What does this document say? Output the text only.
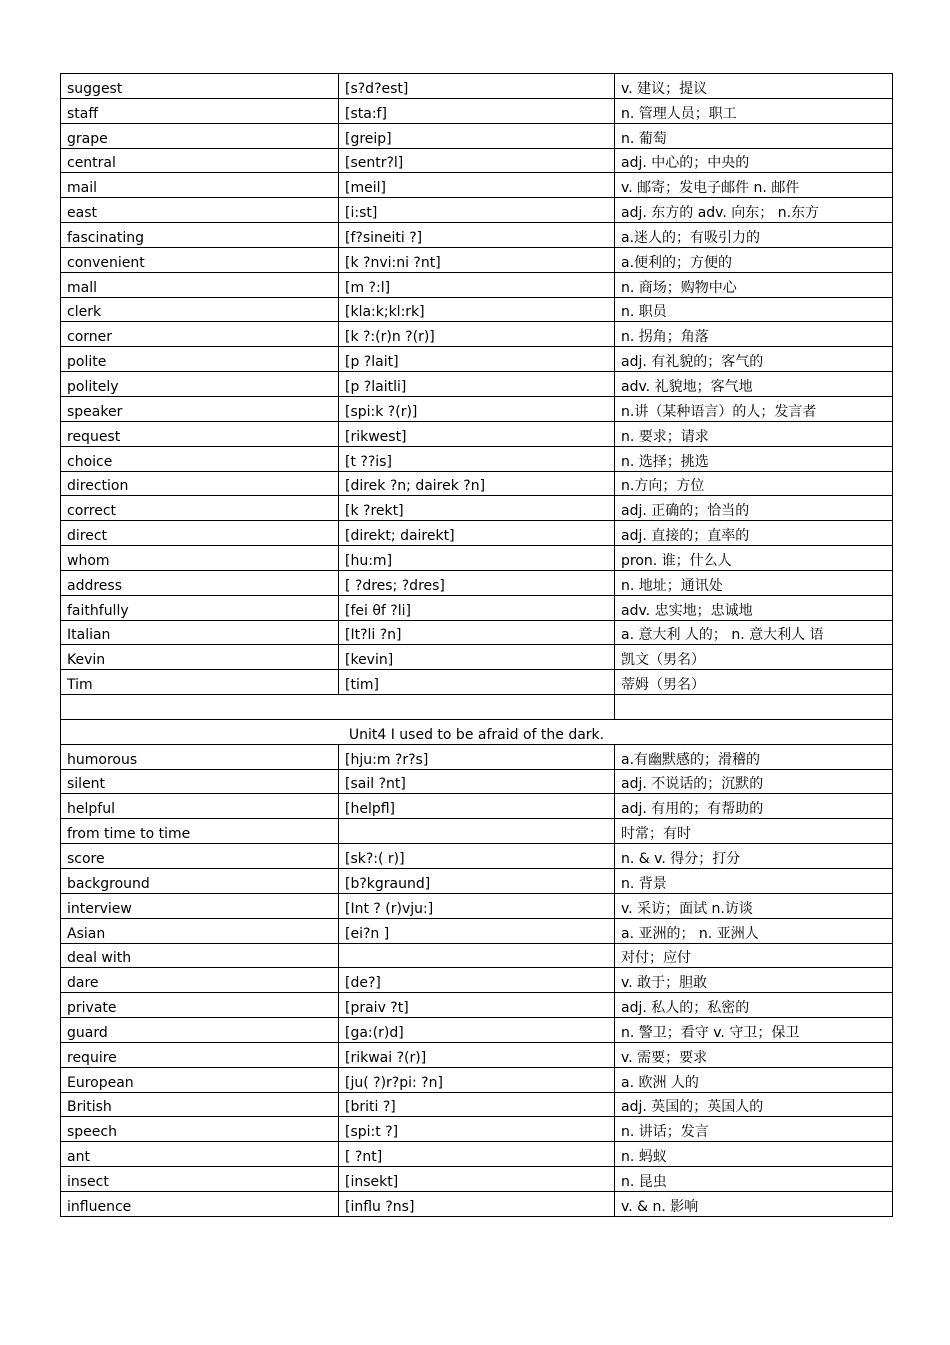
suggest	[s?d?est]	v. 建议；提议
staff	[sta:f]	n. 管理人员；职工
grape	[greip]	n. 葡萄
central	[sentr?l]	adj. 中心的；中央的
mail	[meil]	v. 邮寄；发电子邮件 n. 邮件
east	[i:st]	adj. 东方的 adv. 向东； n.东方
fascinating	[f?sineiti ?]	a.迷人的；有吸引力的
convenient	[k ?nvi:ni ?nt]	a.便利的；方便的
mall	[m ?:l]	n. 商场；购物中心
clerk	[kla:k;kl:rk]	n. 职员
corner	[k ?:(r)n ?(r)]	n. 拐角；角落
polite	[p ?lait]	adj. 有礼貌的；客气的
politely	[p ?laitli]	adv. 礼貌地；客气地
speaker	[spi:k ?(r)]	n.讲（某种语言）的人；发言者
request	[rikwest]	n. 要求；请求
choice	[t ??is]	n. 选择；挑选
direction	[direk ?n; dairek ?n]	n.方向；方位
correct	[k ?rekt]	adj. 正确的；恰当的
direct	[direkt; dairekt]	adj. 直接的；直率的
whom	[hu:m]	pron. 谁；什么人
address	[ ?dres; ?dres]	n. 地址；通讯处
faithfully	[fei θf ?li]	adv. 忠实地；忠诚地
Italian	[It?li ?n]	a. 意大利 人的； n. 意大利人 语
Kevin	[kevin]	凯文（男名）
Tim	[tim]	蒂姆（男名）

Unit4 I used to be afraid of the dark.		
humorous	[hju:m ?r?s]	a.有幽默感的；滑稽的
silent	[sail ?nt]	adj. 不说话的；沉默的
helpful	[helpfl]	adj. 有用的；有帮助的
from time to time		时常；有时
score	[sk?:( r)]	n. & v. 得分；打分
background	[b?kgraund]	n. 背景
interview	[Int ? (r)vju:]	v. 采访；面试 n.访谈
Asian	[ei?n ]	a. 亚洲的； n. 亚洲人
deal with		对付；应付
dare	[de?]	v. 敢于；胆敢
private	[praiv ?t]	adj. 私人的；私密的
guard	[ga:(r)d]	n. 警卫；看守 v. 守卫；保卫
require	[rikwai ?(r)]	v. 需要；要求
European	[ju( ?)r?pi: ?n]	a. 欧洲 人的
British	[briti ?]	adj. 英国的；英国人的
speech	[spi:t ?]	n. 讲话；发言
ant	[ ?nt]	n. 蚂蚁
insect	[insekt]	n. 昆虫
influence	[influ ?ns]	v. & n. 影响
